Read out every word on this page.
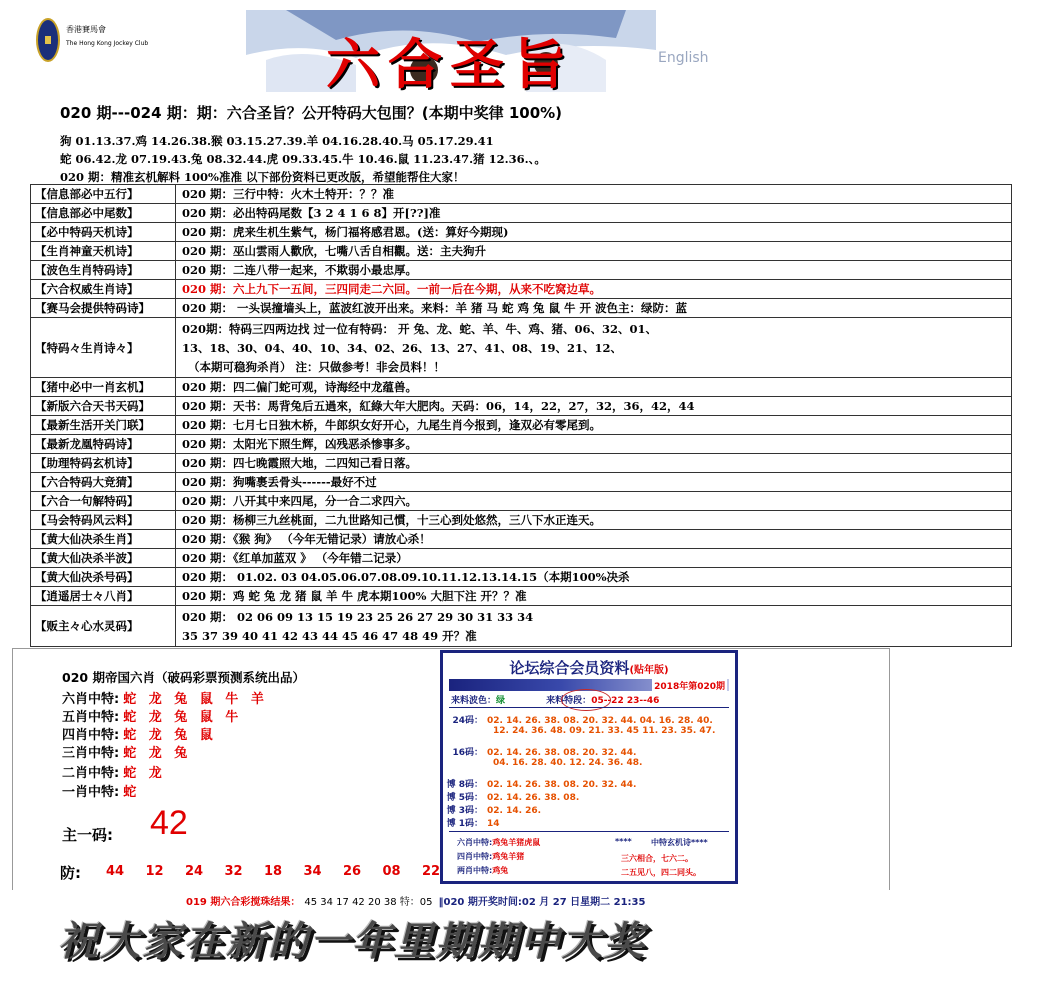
香港賽馬會
The Hong Kong Jockey Club	六合圣旨	English
020 期---024 期：期：六合圣旨？公开特码大包围？(本期中奖律 100%)
狗 01.13.37.鸡 14.26.38.猴 03.15.27.39.羊 04.16.28.40.马 05.17.29.41
蛇 06.42.龙 07.19.43.兔 08.32.44.虎 09.33.45.牛 10.46.鼠 11.23.47.猪 12.36.、。
020 期：精准玄机解料 100%准准 以下部份资料已更改版，希望能帮住大家！
【信息部必中五行】	020 期：三行中特：火木土特开：？？准
【信息部必中尾数】	020 期：必出特码尾数【3 2 4 1 6 8】开[??]准
【必中特码天机诗】	020 期：虎来生机生紫气，杨门福将感君恩。(送：算好今期现)
【生肖神童天机诗】	020 期：巫山雲雨人歡欣，七嘴八舌自相觀。送：主夫狗升
【波色生肖特码诗】	020 期：二连八带一起来，不欺弱小最忠厚。
【六合权威生肖诗】	020 期：六上九下一五间，三四同走二六回。一前一后在今期，从来不吃窝边草。
【赛马会提供特码诗】	020 期： 一头误撞墙头上，蓝波红波开出来。来料：羊 猪 马 蛇 鸡 兔 鼠 牛 开 波色主：绿防：蓝
【特码々生肖诗々】	020期：特码三四两边找 过一位有特码： 开 兔、龙、蛇、羊、牛、鸡、猪、06、32、01、
13、18、30、04、40、10、34、02、26、13、27、41、08、19、21、12、
（本期可稳狗杀肖） 注：只做参考！非会员料！！

【猪中必中一肖玄机】	020 期：四二偏门蛇可观，诗海经中龙蕴兽。
【新版六合天书天码】	020 期：天书：馬背兔后五過來，紅綠大年大肥肉。天码：06，14，22，27，32，36，42，44
【最新生活开关门联】	020 期：七月七日独木桥，牛郎织女好开心，九尾生肖今报到，逢双必有零尾到。
【最新龙凰特码诗】	020 期：太阳光下照生辉，凶残恶杀惨事多。
【助理特码玄机诗】	020 期：四七晚霞照大地，二四知己看日落。
【六合特码大竞猜】	020 期：狗嘴裹丢骨头------最好不过
【六合一句解特码】	020 期：八开其中来四尾，分一合二求四六。
【马会特码风云料】	020 期：杨柳三九丝桃面，二九世路知己慣，十三心到处悠然，三八下水正连天。
【黄大仙决杀生肖】	020 期：《猴 狗》 （今年无错记录）请放心杀！
【黄大仙决杀半波】	020 期：《红单加蓝双 》 （今年错二记录）
【黄大仙决杀号码】	020 期： 01.02. 03 04.05.06.07.08.09.10.11.12.13.14.15（本期100%决杀
【逍遥居士々八肖】	020 期：鸡 蛇 兔 龙 猪 鼠 羊 牛 虎本期100% 大胆下注 开？？准
【贩主々心水灵码】	020 期： 02 06 09 13 15 19 23 25 26 27 29 30 31 33 34
35 37 39 40 41 42 43 44 45 46 47 48 49 开？准
020 期帝国六肖（破码彩票预测系统出品）
六肖中特: 蛇 龙 兔 鼠 牛 羊
五肖中特: 蛇 龙 兔 鼠 牛
四肖中特: 蛇 龙 兔 鼠
三肖中特: 蛇 龙 兔
二肖中特: 蛇 龙
一肖中特: 蛇
主一码: 42
防: 44 12 24 32 18 34 26 08 22
论坛综合会员资料(贴年版)
2018年第020期
来料波色：绿	来料特段：05--22 23--46
24码： 02. 14. 26. 38. 08. 20. 32. 44. 04. 16. 28. 40.
12. 24. 36. 48. 09. 21. 33. 45 11. 23. 35. 47.
16码： 02. 14. 26. 38. 08. 20. 32. 44.
04. 16. 28. 40. 12. 24. 36. 48.
博 8码： 02. 14. 26. 38. 08. 20. 32. 44.
博 5码： 02. 14. 26. 38. 08.
博 3码： 02. 14. 26.
博 1码： 14
六肖中特:鸡兔羊猪虎鼠
四肖中特:鸡兔羊猪
两肖中特:鸡兔
**** 中特玄机诗****
三六相合，七六二。
二五见八，四二同头。
019 期六合彩搅珠结果： 45 34 17 42 20 38 特：05 ‖020 期开奖时间:02 月 27 日星期二 21:35
祝大家在新的一年里期期中大奖
